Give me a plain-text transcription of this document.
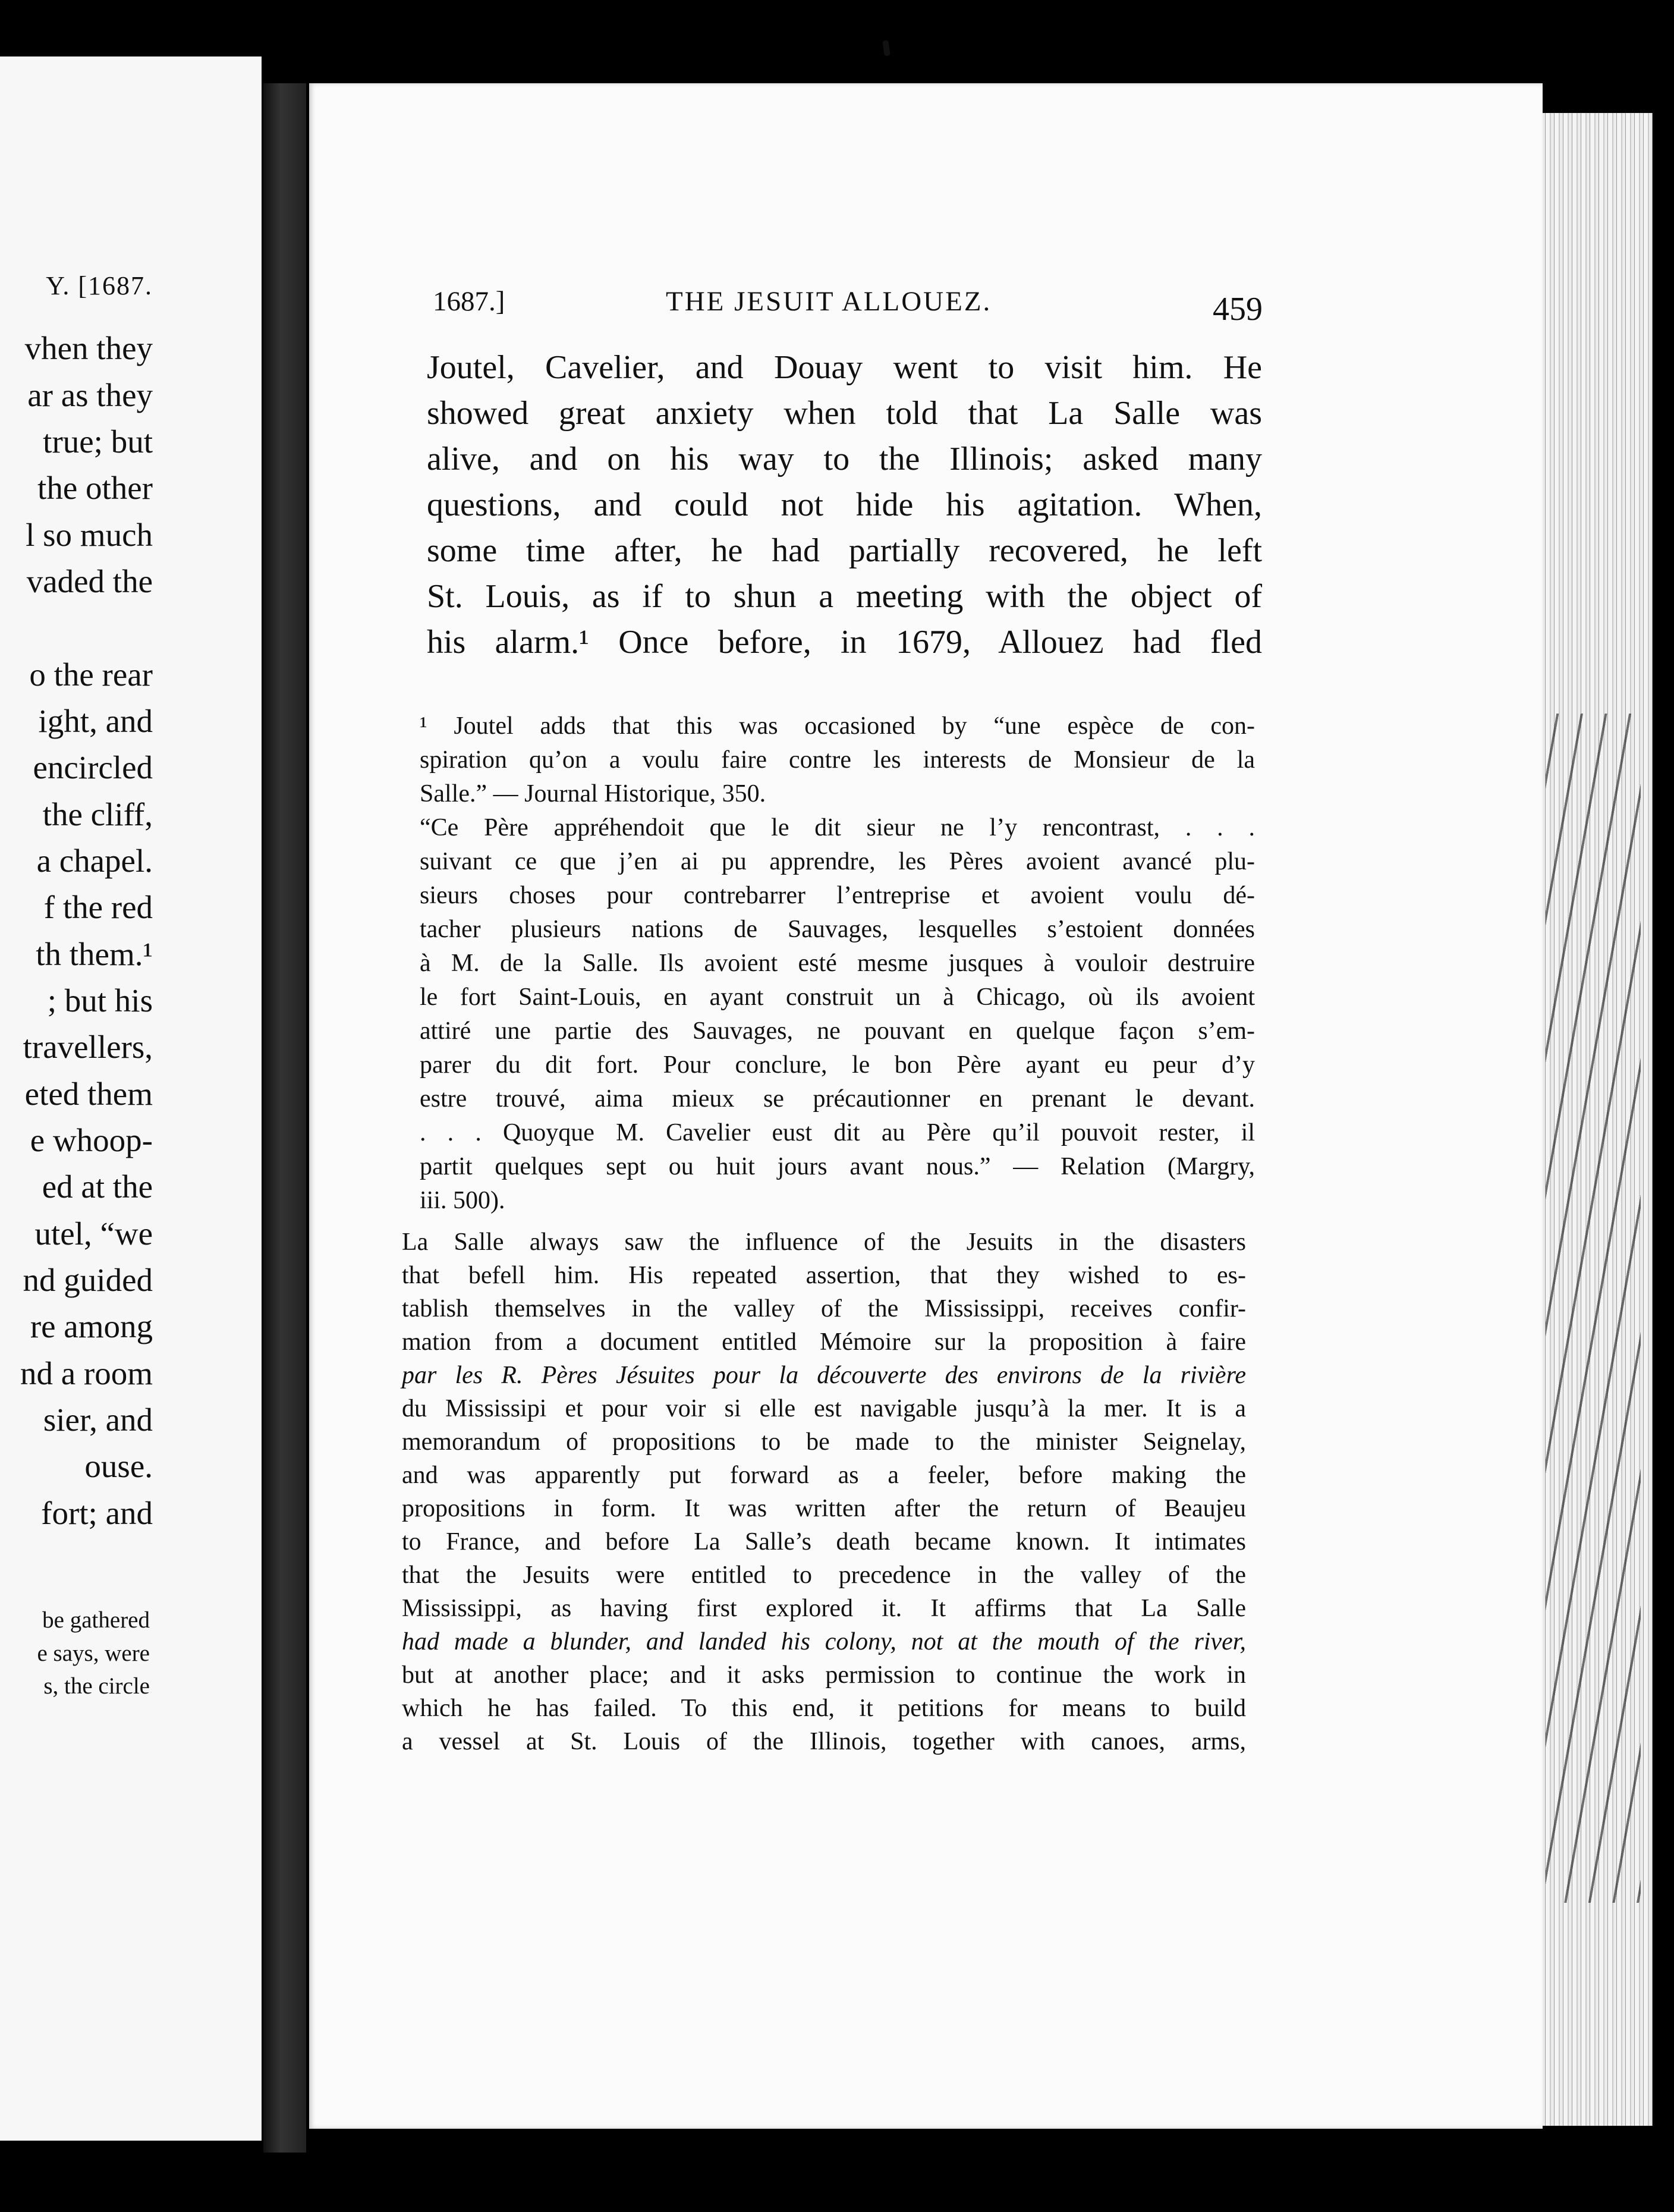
Y. [1687.
vhen they
ar as they
true; but
the other
l so much
vaded the
o the rear
ight, and
encircled
the cliff,
a chapel.
f the red
th them.¹
; but his
travellers,
eted them
e whoop-
ed at the
utel, “we
nd guided
re among
nd a room
sier, and
ouse.
fort; and
be gathered
e says, were
s, the circle
1687.]	THE JESUIT ALLOUEZ.	459

Joutel, Cavelier, and Douay went to visit him. He

showed great anxiety when told that La Salle was

alive, and on his way to the Illinois; asked many

questions, and could not hide his agitation. When,

some time after, he had partially recovered, he left

St. Louis, as if to shun a meeting with the object of

his alarm.¹ Once before, in 1679, Allouez had fled

¹ Joutel adds that this was occasioned by “une espèce de con-

spiration qu’on a voulu faire contre les interests de Monsieur de la

Salle.” — Journal Historique, 350.

“Ce Père appréhendoit que le dit sieur ne l’y rencontrast, . . .

suivant ce que j’en ai pu apprendre, les Pères avoient avancé plu-

sieurs choses pour contrebarrer l’entreprise et avoient voulu dé-

tacher plusieurs nations de Sauvages, lesquelles s’estoient données

à M. de la Salle. Ils avoient esté mesme jusques à vouloir destruire

le fort Saint-Louis, en ayant construit un à Chicago, où ils avoient

attiré une partie des Sauvages, ne pouvant en quelque façon s’em-

parer du dit fort. Pour conclure, le bon Père ayant eu peur d’y

estre trouvé, aima mieux se précautionner en prenant le devant.

. . . Quoyque M. Cavelier eust dit au Père qu’il pouvoit rester, il

partit quelques sept ou huit jours avant nous.” — Relation (Margry,

iii. 500).

La Salle always saw the influence of the Jesuits in the disasters

that befell him. His repeated assertion, that they wished to es-

tablish themselves in the valley of the Mississippi, receives confir-

mation from a document entitled Mémoire sur la proposition à faire

par les R. Pères Jésuites pour la découverte des environs de la rivière

du Mississipi et pour voir si elle est navigable jusqu’à la mer. It is a

memorandum of propositions to be made to the minister Seignelay,

and was apparently put forward as a feeler, before making the

propositions in form. It was written after the return of Beaujeu

to France, and before La Salle’s death became known. It intimates

that the Jesuits were entitled to precedence in the valley of the

Mississippi, as having first explored it. It affirms that La Salle

had made a blunder, and landed his colony, not at the mouth of the river,

but at another place; and it asks permission to continue the work in

which he has failed. To this end, it petitions for means to build

a vessel at St. Louis of the Illinois, together with canoes, arms,
